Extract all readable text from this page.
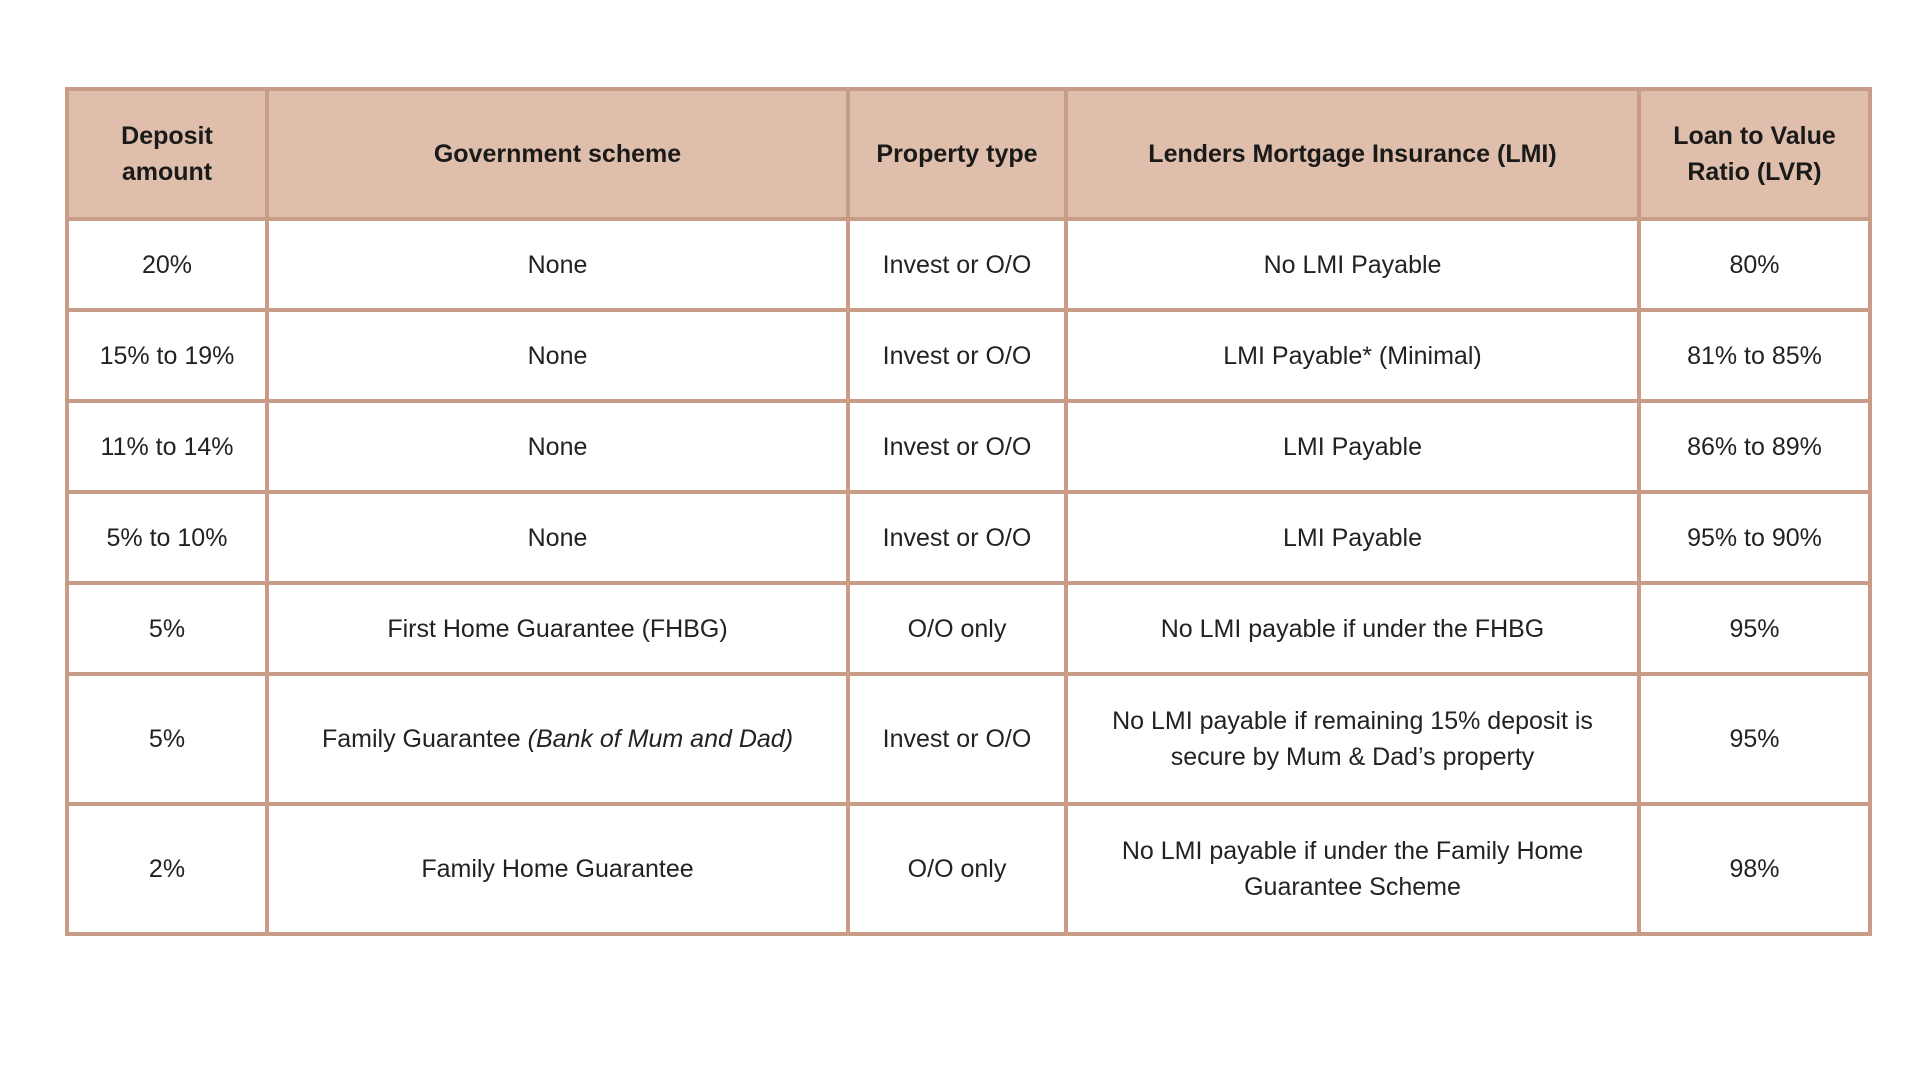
Deposit amount	Government scheme	Property type	Lenders Mortgage Insurance (LMI)	Loan to Value Ratio (LVR)
20%	None	Invest or O/O	No LMI Payable	80%
15% to 19%	None	Invest or O/O	LMI Payable* (Minimal)	81% to 85%
11% to 14%	None	Invest or O/O	LMI Payable	86% to 89%
5% to 10%	None	Invest or O/O	LMI Payable	95% to 90%
5%	First Home Guarantee (FHBG)	O/O only	No LMI payable if under the FHBG	95%
5%	Family Guarantee (Bank of Mum and Dad)	Invest or O/O	No LMI payable if remaining 15% deposit is secure by Mum & Dad’s property	95%
2%	Family Home Guarantee	O/O only	No LMI payable if under the Family Home Guarantee Scheme	98%
